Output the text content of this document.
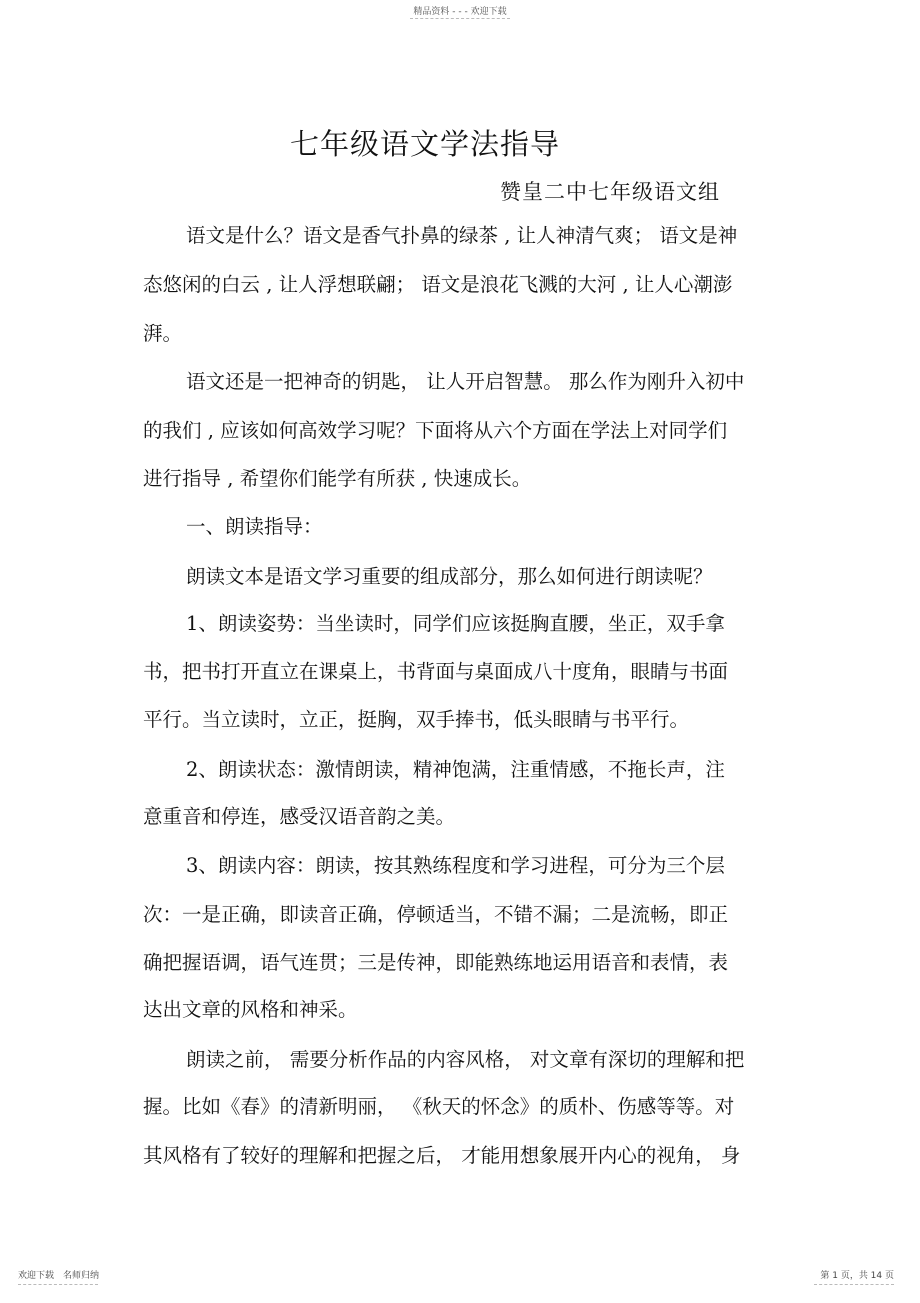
精品资料 - - - 欢迎下载
七年级语文学法指导
赞皇二中七年级语文组
语文是什么？语文是香气扑鼻的绿茶 , 让人神清气爽； 语文是神
态悠闲的白云 , 让人浮想联翩； 语文是浪花飞溅的大河 , 让人心潮澎
湃。
语文还是一把神奇的钥匙， 让人开启智慧。 那么作为刚升入初中
的我们 , 应该如何高效学习呢？下面将从六个方面在学法上对同学们
进行指导 , 希望你们能学有所获 , 快速成长。
一、朗读指导：
朗读文本是语文学习重要的组成部分，那么如何进行朗读呢？
1、朗读姿势：当坐读时，同学们应该挺胸直腰，坐正，双手拿
书，把书打开直立在课桌上，书背面与桌面成八十度角，眼睛与书面
平行。当立读时，立正，挺胸，双手捧书，低头眼睛与书平行。
2、朗读状态：激情朗读，精神饱满，注重情感，不拖长声，注
意重音和停连，感受汉语音韵之美。
3、朗读内容：朗读，按其熟练程度和学习进程，可分为三个层
次：一是正确，即读音正确，停顿适当，不错不漏；二是流畅，即正
确把握语调，语气连贯；三是传神，即能熟练地运用语音和表情，表
达出文章的风格和神采。
朗读之前， 需要分析作品的内容风格， 对文章有深切的理解和把
握。比如《春》的清新明丽， 《秋天的怀念》的质朴、伤感等等。对
其风格有了较好的理解和把握之后， 才能用想象展开内心的视角， 身
欢迎下载　名师归纳	第 1 页，共 14 页
